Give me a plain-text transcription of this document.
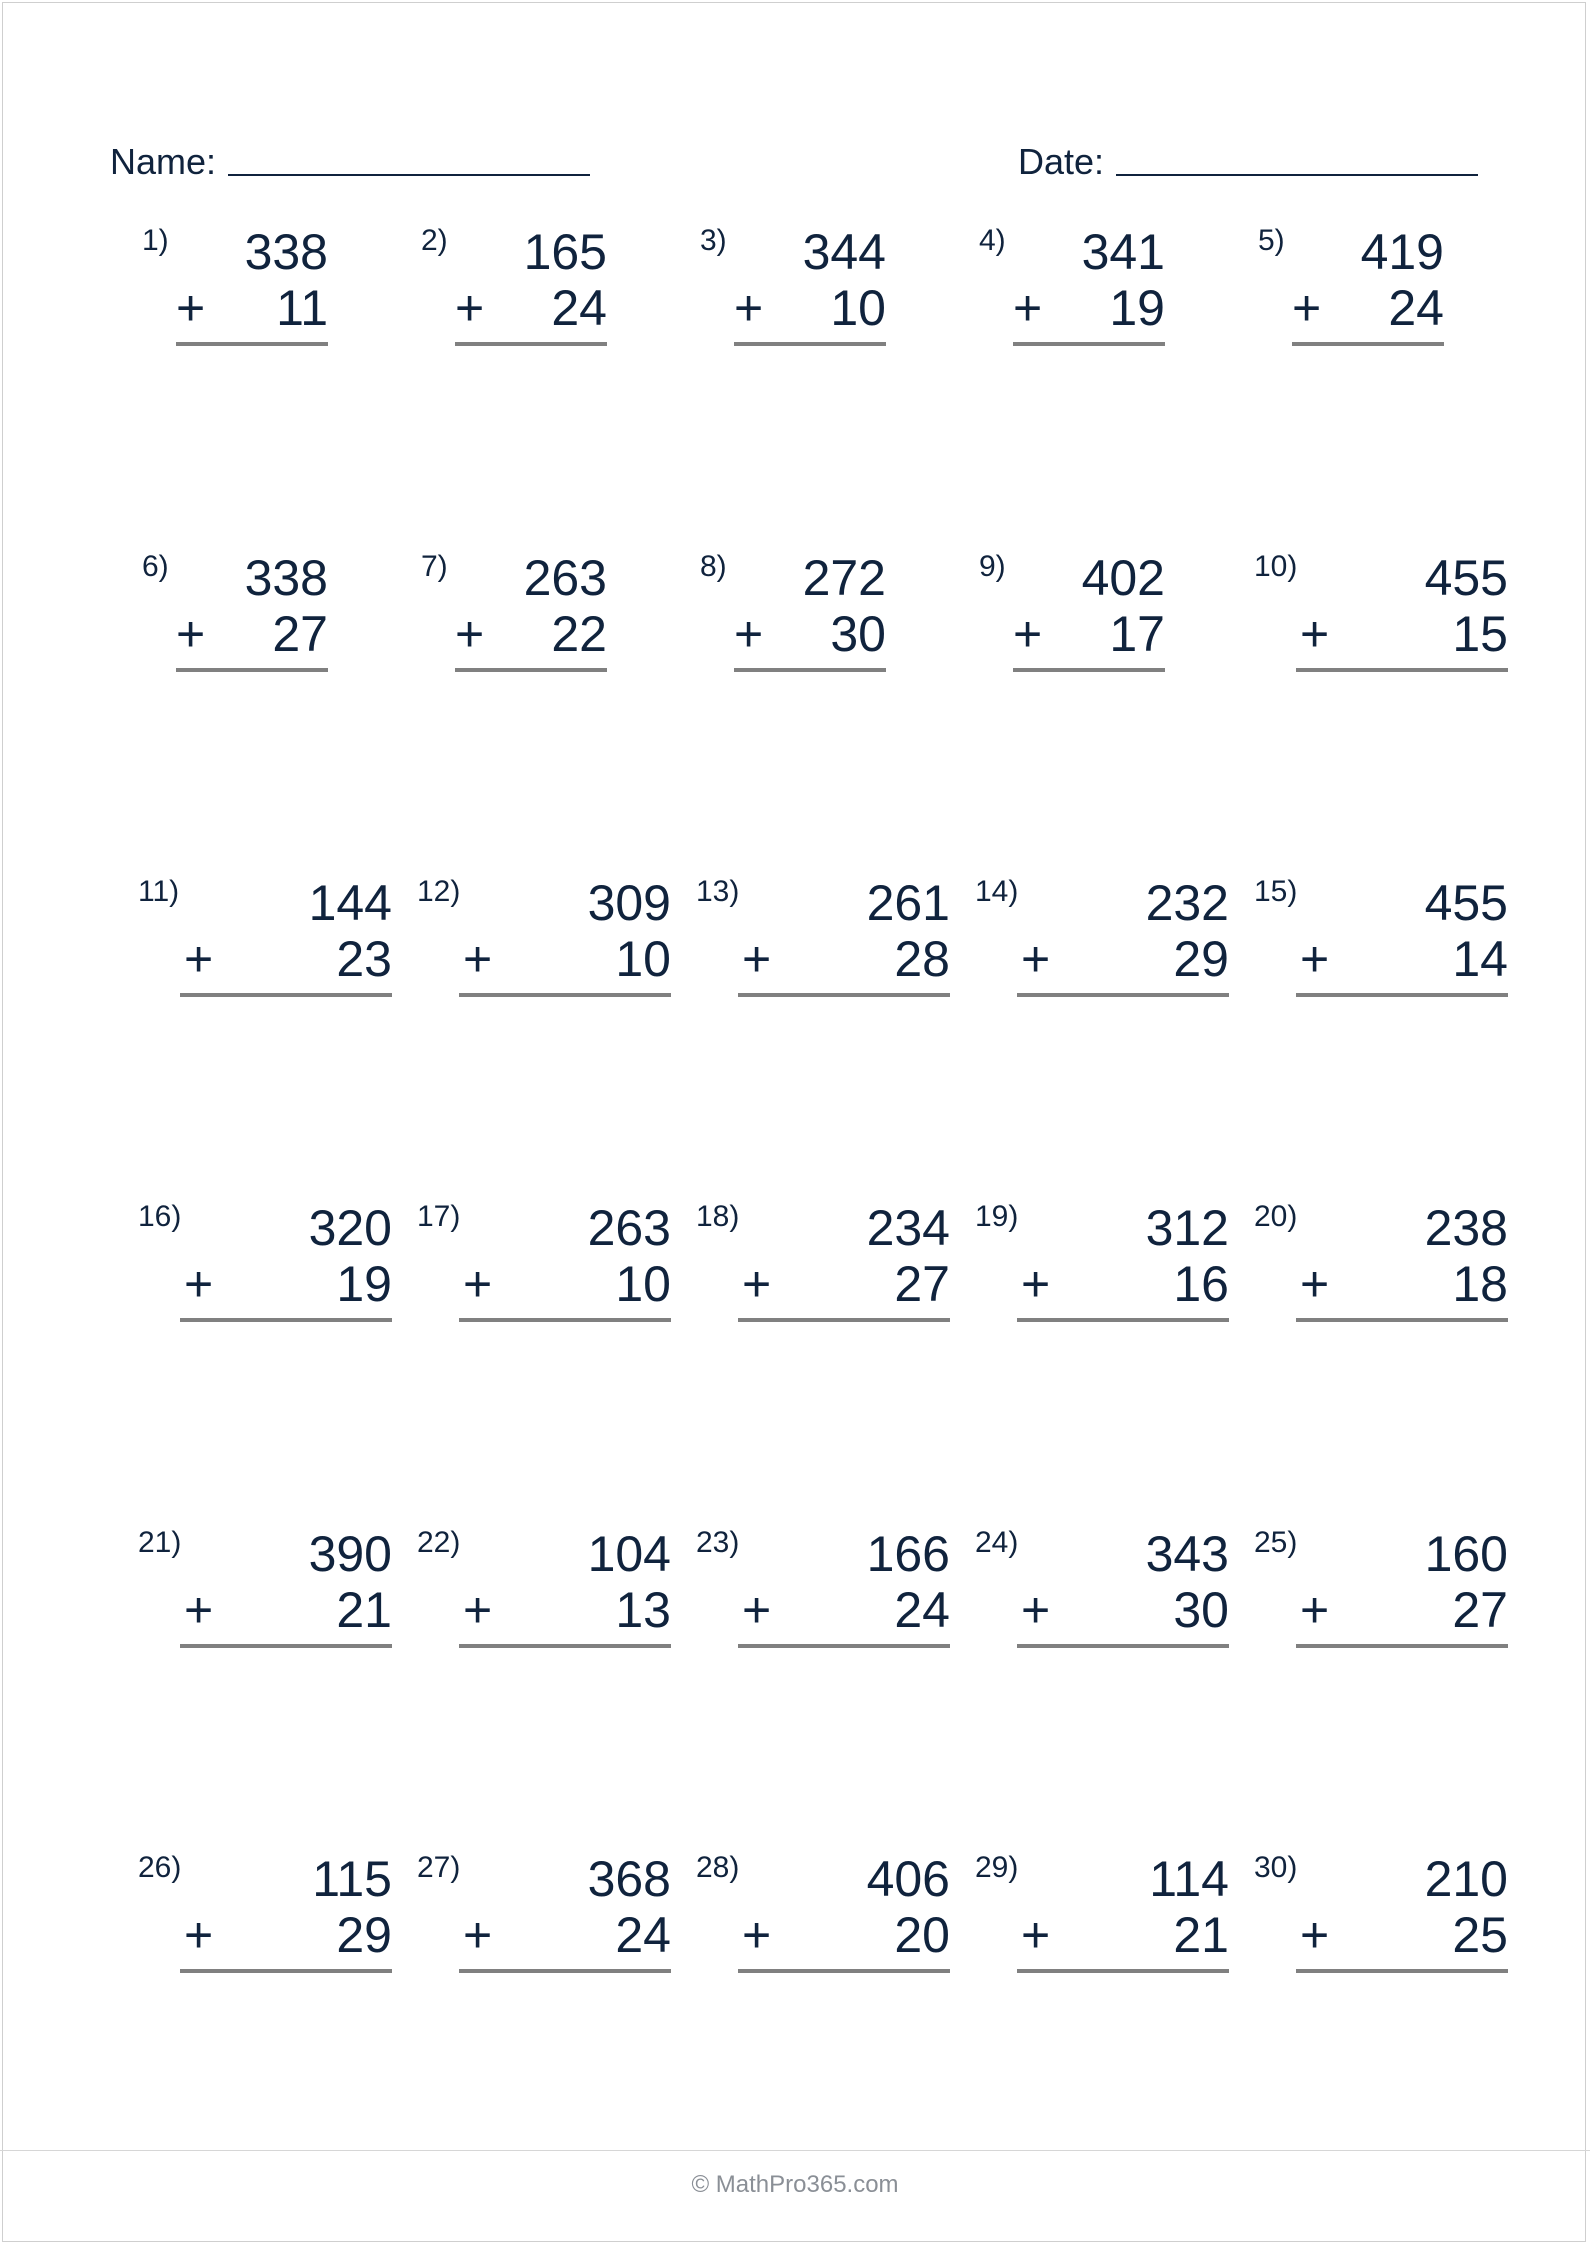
Name:	Date:
1) 338
+ 11
2) 165
+ 24
3) 344
+ 10
4) 341
+ 19
5) 419
+ 24
6) 338
+ 27
7) 263
+ 22
8) 272
+ 30
9) 402
+ 17
10)	455
+ 15
11)	144
+ 23
12)	309
+ 10
13)	261
+ 28
14)	232
+ 29
15)	455
+ 14
16)	320
+ 19
17)	263
+ 10
18)	234
+ 27
19)	312
+ 16
20)	238
+ 18
21)	390
+ 21
22)	104
+ 13
23)	166
+ 24
24)	343
+ 30
25)	160
+ 27
26)	115
+ 29
27)	368
+ 24
28)	406
+ 20
29)	114
+ 21
30)	210
+ 25
© MathPro365.com
